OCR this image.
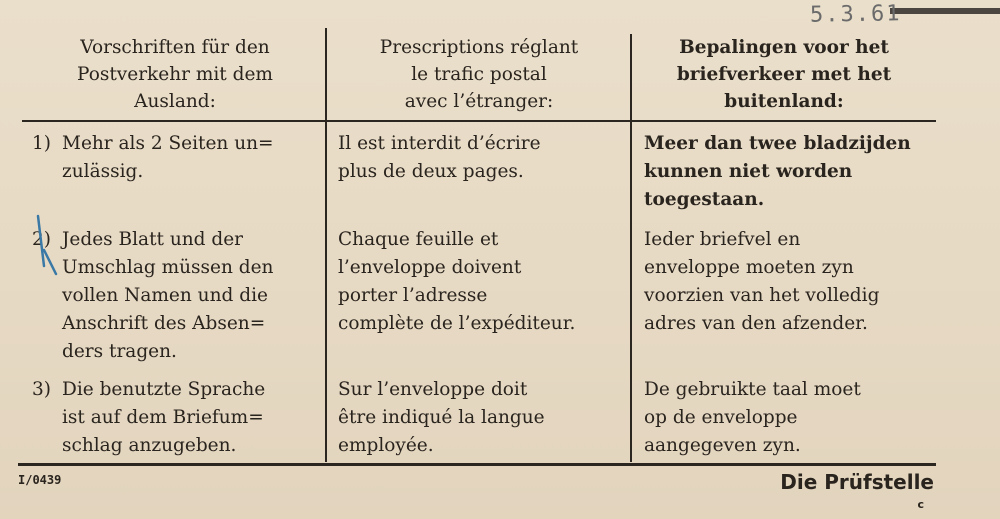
5.3.61
Vorschriften für den
Postverkehr mit dem
Ausland:
Prescriptions réglant
le trafic postal
avec l’étranger:
Bepalingen voor het
briefverkeer met het
buitenland:
1) Mehr als 2 Seiten un=
zulässig.
Il est interdit d’écrire
plus de deux pages.
Meer dan twee bladzijden
kunnen niet worden
toegestaan.
2) Jedes Blatt und der
Umschlag müssen den
vollen Namen und die
Anschrift des Absen=
ders tragen.
Chaque feuille et
l’enveloppe doivent
porter l’adresse
complète de l’expéditeur.
Ieder briefvel en
enveloppe moeten zyn
voorzien van het volledig
adres van den afzender.
3) Die benutzte Sprache
ist auf dem Briefum=
schlag anzugeben.
Sur l’enveloppe doit
être indiqué la langue
employée.
De gebruikte taal moet
op de enveloppe
aangegeven zyn.
I/0439	Die Prüfstelle
c
